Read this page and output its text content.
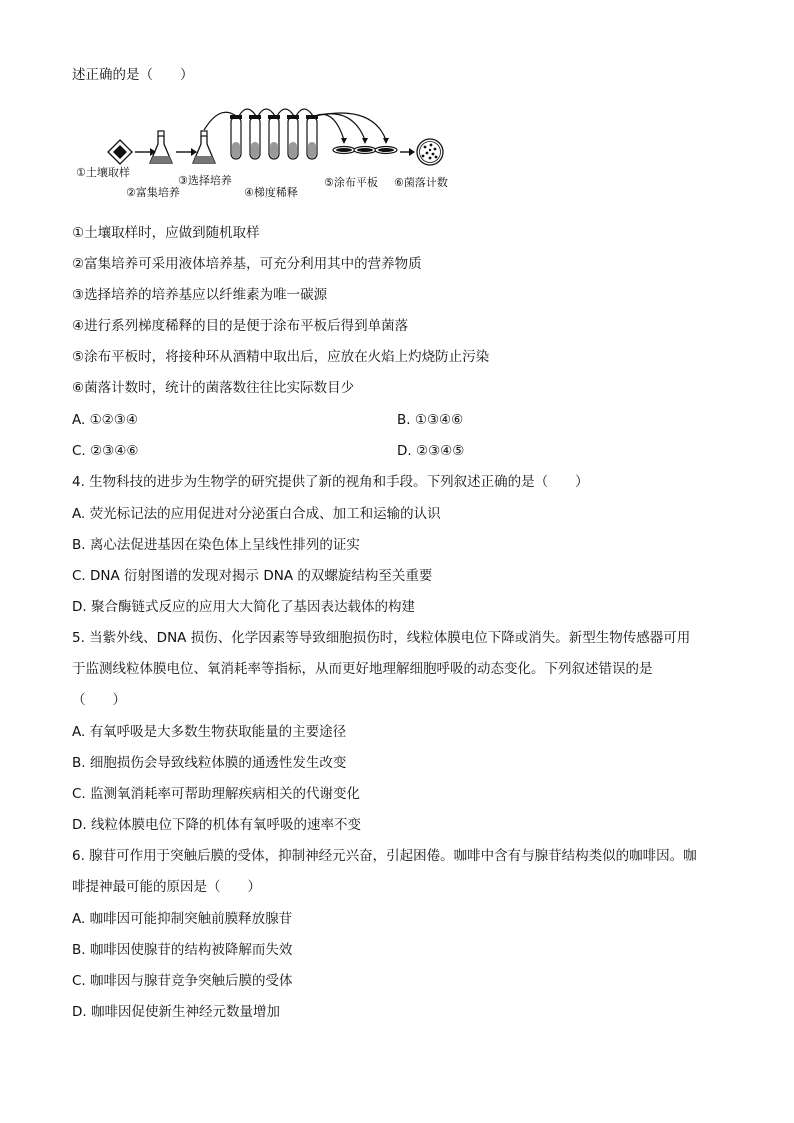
述正确的是（　　）
①土壤取样
②富集培养
③选择培养
④梯度稀释
⑤涂布平板 ⑥菌落计数
①土壤取样时，应做到随机取样
②富集培养可采用液体培养基，可充分利用其中的营养物质
③选择培养的培养基应以纤维素为唯一碳源
④进行系列梯度稀释的目的是便于涂布平板后得到单菌落
⑤涂布平板时，将接种环从酒精中取出后，应放在火焰上灼烧防止污染
⑥菌落计数时，统计的菌落数往往比实际数目少
A. ①②③④	B. ①③④⑥
C. ②③④⑥	D. ②③④⑤
4. 生物科技的进步为生物学的研究提供了新的视角和手段。下列叙述正确的是（　　）
A. 荧光标记法的应用促进对分泌蛋白合成、加工和运输的认识
B. 离心法促进基因在染色体上呈线性排列的证实
C. DNA 衍射图谱的发现对揭示 DNA 的双螺旋结构至关重要
D. 聚合酶链式反应的应用大大简化了基因表达载体的构建
5. 当紫外线、DNA 损伤、化学因素等导致细胞损伤时，线粒体膜电位下降或消失。新型生物传感器可用
于监测线粒体膜电位、氧消耗率等指标，从而更好地理解细胞呼吸的动态变化。下列叙述错误的是
（　　）
A. 有氧呼吸是大多数生物获取能量的主要途径
B. 细胞损伤会导致线粒体膜的通透性发生改变
C. 监测氧消耗率可帮助理解疾病相关的代谢变化
D. 线粒体膜电位下降的机体有氧呼吸的速率不变
6. 腺苷可作用于突触后膜的受体，抑制神经元兴奋，引起困倦。咖啡中含有与腺苷结构类似的咖啡因。咖
啡提神最可能的原因是（　　）
A. 咖啡因可能抑制突触前膜释放腺苷
B. 咖啡因使腺苷的结构被降解而失效
C. 咖啡因与腺苷竞争突触后膜的受体
D. 咖啡因促使新生神经元数量增加
